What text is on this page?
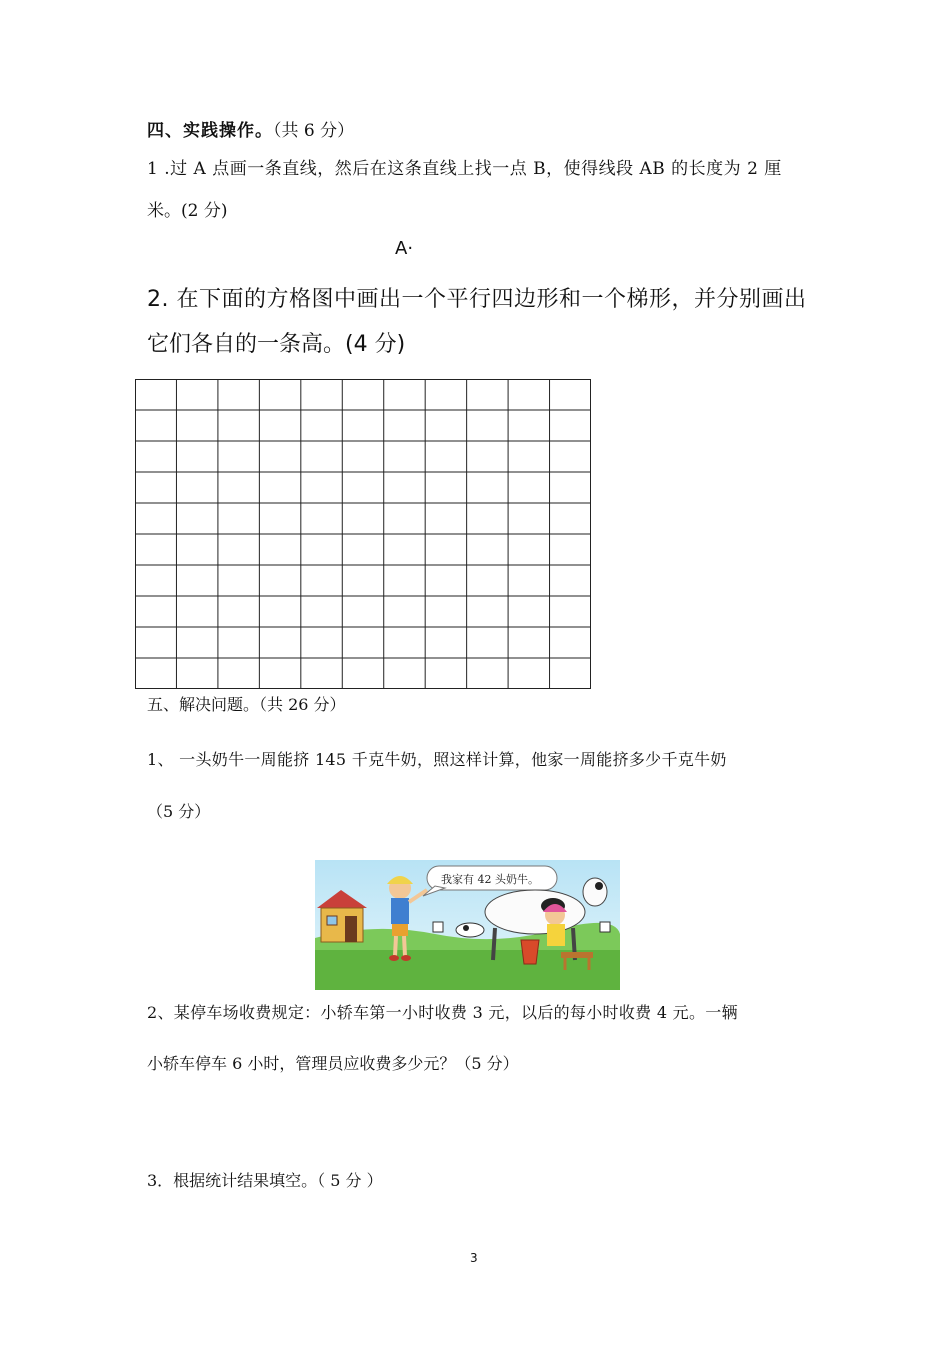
四、实践操作。（共 6 分）
1 .过 A 点画一条直线，然后在这条直线上找一点 B，使得线段 AB 的长度为 2 厘
米。(2 分)
A·
2. 在下面的方格图中画出一个平行四边形和一个梯形，并分别画出
它们各自的一条高。(4 分)
五、解决问题。（共 26 分）
1、 一头奶牛一周能挤 145 千克牛奶，照这样计算，他家一周能挤多少千克牛奶
（5 分）
我家有 42 头奶牛。
2、某停车场收费规定：小轿车第一小时收费 3 元，以后的每小时收费 4 元。一辆
小轿车停车 6 小时，管理员应收费多少元？（5 分）
3．根据统计结果填空。（ 5 分 ）
3
